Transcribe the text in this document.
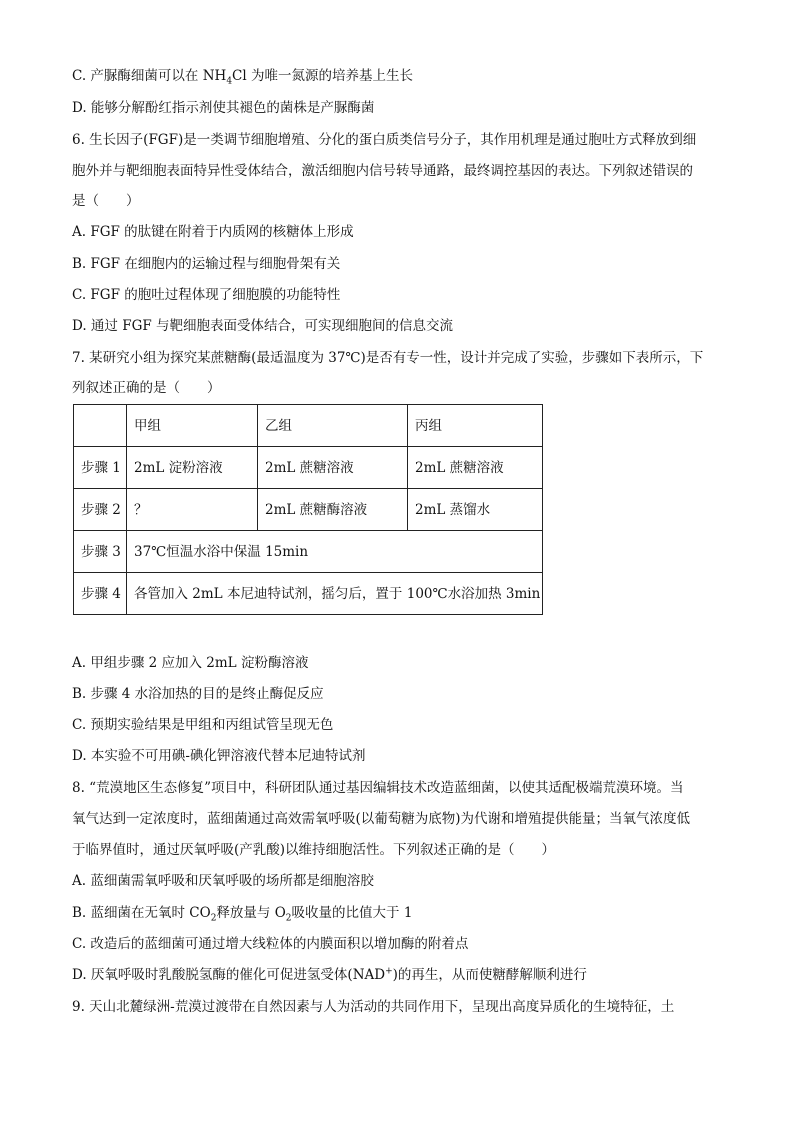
C. 产脲酶细菌可以在 $NH_4Cl$ 为唯一氮源的培养基上生长
D. 能够分解酚红指示剂使其褪色的菌株是产脲酶菌
6. 生长因子(FGF)是一类调节细胞增殖、分化的蛋白质类信号分子，其作用机理是通过胞吐方式释放到细
胞外并与靶细胞表面特异性受体结合，激活细胞内信号转导通路，最终调控基因的表达。下列叙述错误的
是（　　）
A. FGF 的肽键在附着于内质网的核糖体上形成
B. FGF 在细胞内的运输过程与细胞骨架有关
C. FGF 的胞吐过程体现了细胞膜的功能特性
D. 通过 FGF 与靶细胞表面受体结合，可实现细胞间的信息交流
7. 某研究小组为探究某蔗糖酶(最适温度为 37℃)是否有专一性，设计并完成了实验，步骤如下表所示，下
列叙述正确的是（　　）
	甲组	乙组	丙组
步骤 1	2mL 淀粉溶液	2mL 蔗糖溶液	2mL 蔗糖溶液
步骤 2	？	2mL 蔗糖酶溶液	2mL 蒸馏水
步骤 3	37℃恒温水浴中保温 15min		
步骤 4	各管加入 2mL 本尼迪特试剂，摇匀后，置于 100℃水浴加热 3min		
A. 甲组步骤 2 应加入 2mL 淀粉酶溶液
B. 步骤 4 水浴加热的目的是终止酶促反应
C. 预期实验结果是甲组和丙组试管呈现无色
D. 本实验不可用碘-碘化钾溶液代替本尼迪特试剂
8. “荒漠地区生态修复”项目中，科研团队通过基因编辑技术改造蓝细菌，以使其适配极端荒漠环境。当
氧气达到一定浓度时，蓝细菌通过高效需氧呼吸(以葡萄糖为底物)为代谢和增殖提供能量；当氧气浓度低
于临界值时，通过厌氧呼吸(产乳酸)以维持细胞活性。下列叙述正确的是（　　）
A. 蓝细菌需氧呼吸和厌氧呼吸的场所都是细胞溶胶
B. 蓝细菌在无氧时 $CO_2$释放量与 $O_2$吸收量的比值大于 1
C. 改造后的蓝细菌可通过增大线粒体的内膜面积以增加酶的附着点
D. 厌氧呼吸时乳酸脱氢酶的催化可促进氢受体(NAD+)的再生，从而使糖酵解顺利进行
9. 天山北麓绿洲-荒漠过渡带在自然因素与人为活动的共同作用下，呈现出高度异质化的生境特征，土
